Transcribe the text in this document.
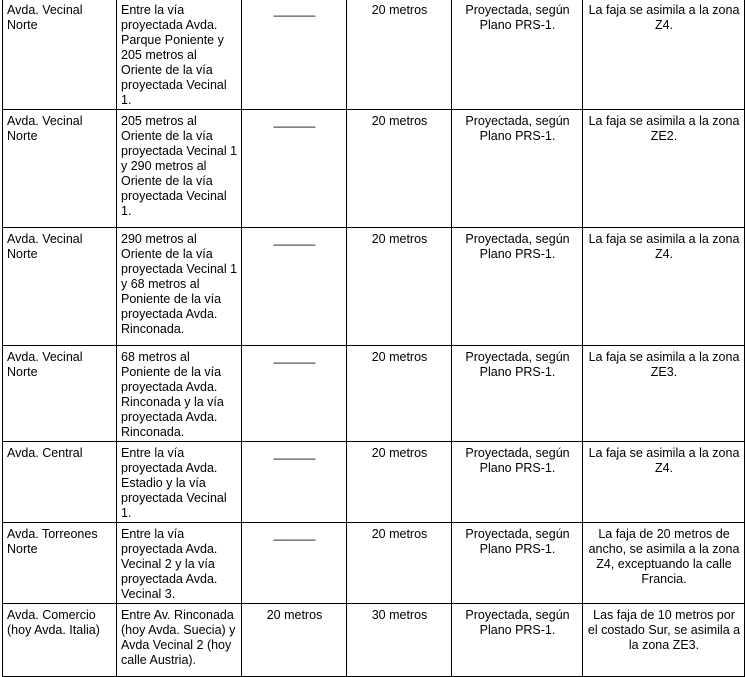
Avda. Vecinal Norte	Entre la vía proyectada Avda. Parque Poniente y 205 metros al Oriente de la vía proyectada Vecinal 1.	______	20 metros	Proyectada, según Plano PRS-1.	La faja se asimila a la zona Z4.
Avda. Vecinal Norte	205 metros al Oriente de la vía proyectada Vecinal 1 y 290 metros al Oriente de la vía proyectada Vecinal 1.	______	20 metros	Proyectada, según Plano PRS-1.	La faja se asimila a la zona ZE2.
Avda. Vecinal Norte	290 metros al Oriente de la vía proyectada Vecinal 1 y 68 metros al Poniente de la vía proyectada Avda. Rinconada.	______	20 metros	Proyectada, según Plano PRS-1.	La faja se asimila a la zona Z4.
Avda. Vecinal Norte	68 metros al Poniente de la vía proyectada Avda. Rinconada y la vía proyectada Avda. Rinconada.	______	20 metros	Proyectada, según Plano PRS-1.	La faja se asimila a la zona ZE3.
Avda. Central	Entre la vía proyectada Avda. Estadio y la vía proyectada Vecinal 1.	______	20 metros	Proyectada, según Plano PRS-1.	La faja se asimila a la zona Z4.
Avda. Torreones Norte	Entre la vía proyectada Avda. Vecinal 2 y la vía proyectada Avda. Vecinal 3.	______	20 metros	Proyectada, según Plano PRS-1.	La faja de 20 metros de ancho, se asimila a la zona Z4, exceptuando la calle Francia.
Avda. Comercio (hoy Avda. Italia)	Entre Av. Rinconada (hoy Avda. Suecia) y Avda Vecinal 2 (hoy calle Austria).	20 metros	30 metros	Proyectada, según Plano PRS-1.	Las faja de 10 metros por el costado Sur, se asimila a la zona ZE3.
